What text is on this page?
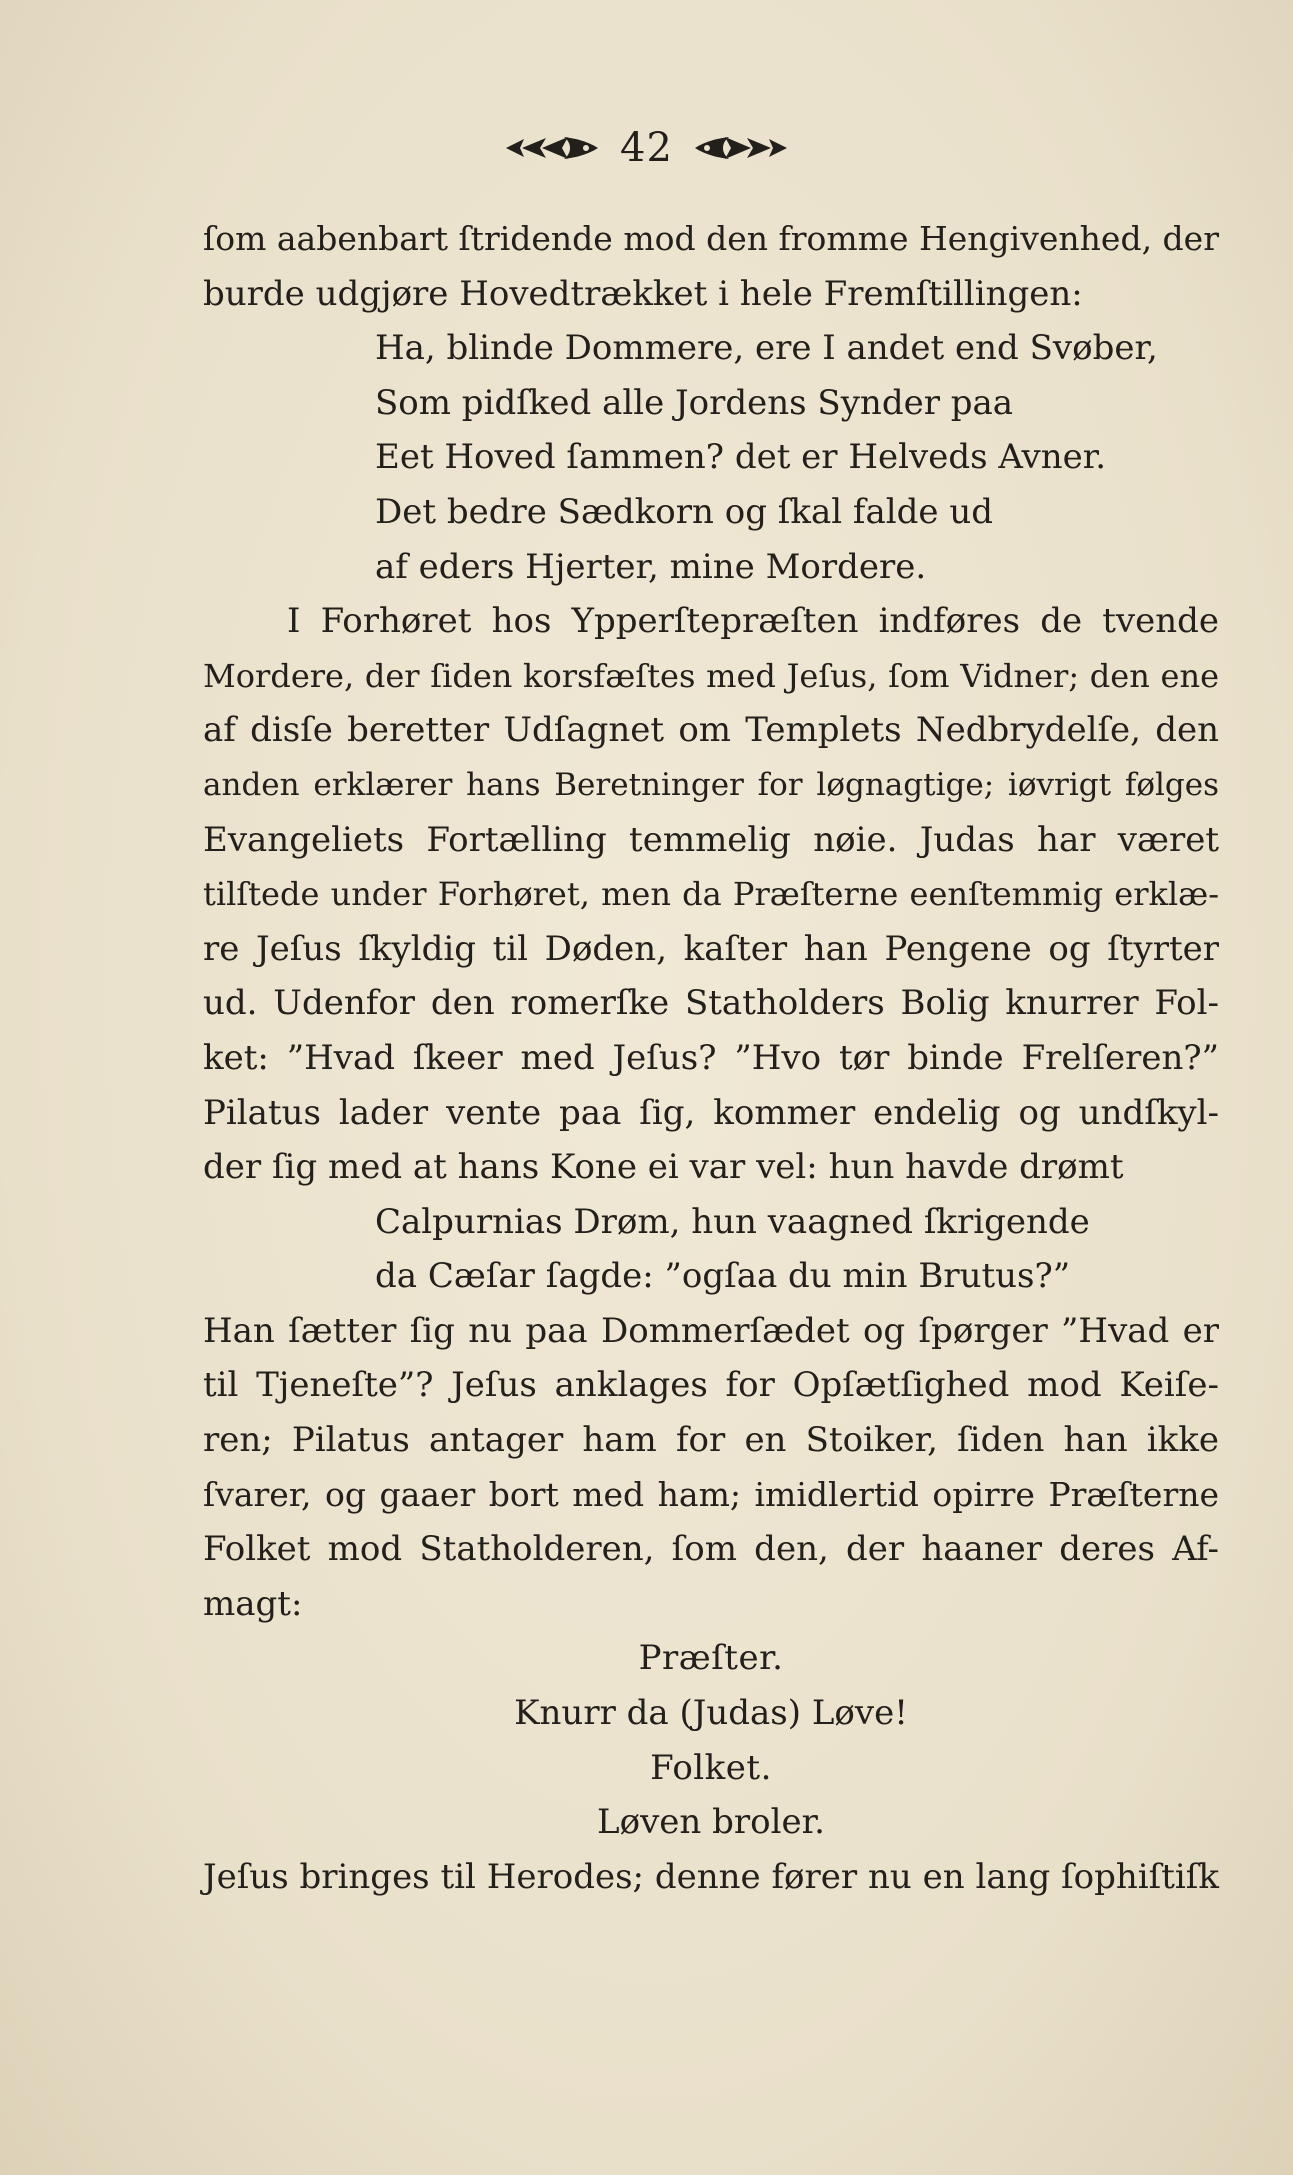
42
ſom aabenbart ſtridende mod den fromme Hengivenhed, der
burde udgjøre Hovedtrækket i hele Fremſtillingen:
Ha, blinde Dommere, ere I andet end Svøber,
Som pidſked alle Jordens Synder paa
Eet Hoved ſammen? det er Helveds Avner.
Det bedre Sædkorn og ſkal falde ud
af eders Hjerter, mine Mordere.
I Forhøret hos Ypperſtepræſten indføres de tvende
Mordere, der ſiden korsfæſtes med Jeſus, ſom Vidner; den ene
af disſe beretter Udſagnet om Templets Nedbrydelſe, den
anden erklærer hans Beretninger for løgnagtige; iøvrigt følges
Evangeliets Fortælling temmelig nøie. Judas har været
tilſtede under Forhøret, men da Præſterne eenſtemmig erklæ-
re Jeſus ſkyldig til Døden, kaſter han Pengene og ſtyrter
ud. Udenfor den romerſke Statholders Bolig knurrer Fol-
ket: ”Hvad ſkeer med Jeſus? ”Hvo tør binde Frelſeren?”
Pilatus lader vente paa ſig, kommer endelig og undſkyl-
der ſig med at hans Kone ei var vel: hun havde drømt
Calpurnias Drøm, hun vaagned ſkrigende
da Cæſar ſagde: ”ogſaa du min Brutus?”
Han ſætter ſig nu paa Dommerſædet og ſpørger ”Hvad er
til Tjeneſte”? Jeſus anklages for Opſætſighed mod Keiſe-
ren; Pilatus antager ham for en Stoiker, ſiden han ikke
ſvarer, og gaaer bort med ham; imidlertid opirre Præſterne
Folket mod Statholderen, ſom den, der haaner deres Af-
magt:
Præſter.
Knurr da (Judas) Løve!
Folket.
Løven broler.
Jeſus bringes til Herodes; denne fører nu en lang ſophiſtiſk
